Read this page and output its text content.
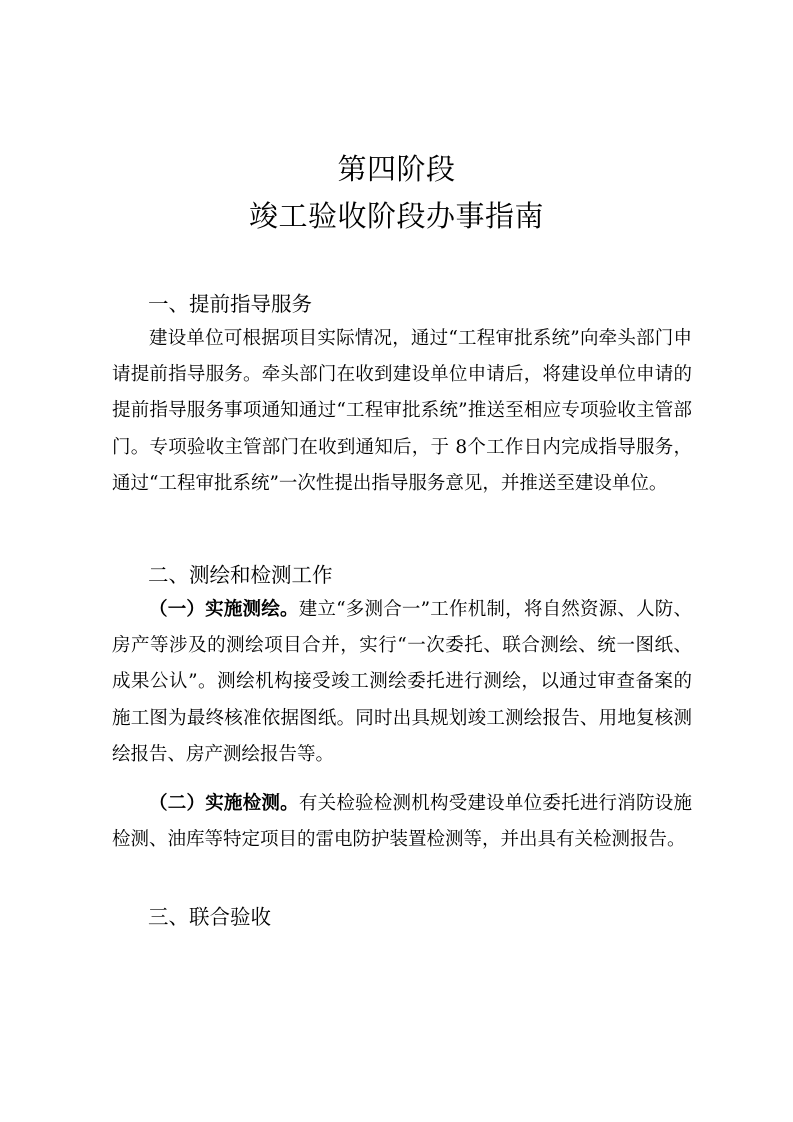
第四阶段
竣工验收阶段办事指南
一、提前指导服务

建设单位可根据项目实际情况，通过“工程审批系统”向牵头部门申请提前指导服务。牵头部门在收到建设单位申请后，将建设单位申请的提前指导服务事项通知通过“工程审批系统”推送至相应专项验收主管部门。专项验收主管部门在收到通知后，于 8个工作日内完成指导服务，通过“工程审批系统”一次性提出指导服务意见，并推送至建设单位。

二、测绘和检测工作

（一）实施测绘。建立“多测合一”工作机制，将自然资源、人防、房产等涉及的测绘项目合并，实行“一次委托、联合测绘、统一图纸、成果公认”。测绘机构接受竣工测绘委托进行测绘，以通过审查备案的施工图为最终核准依据图纸。同时出具规划竣工测绘报告、用地复核测绘报告、房产测绘报告等。

（二）实施检测。有关检验检测机构受建设单位委托进行消防设施检测、油库等特定项目的雷电防护装置检测等，并出具有关检测报告。

三、联合验收
